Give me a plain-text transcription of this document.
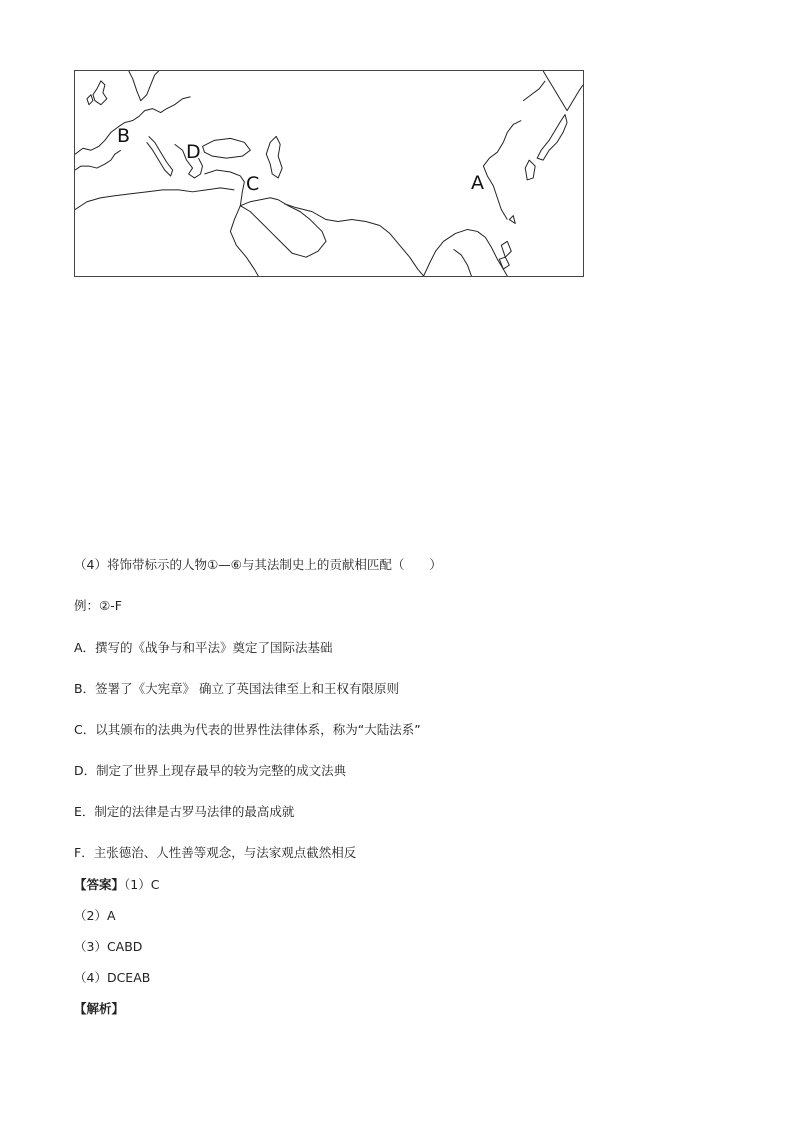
B
D
C	A
（4）将饰带标示的人物①—⑥与其法制史上的贡献相匹配（　　）
例：②-F
A．撰写的《战争与和平法》奠定了国际法基础
B．签署了《大宪章》 确立了英国法律至上和王权有限原则
C．以其颁布的法典为代表的世界性法律体系，称为“大陆法系”
D．制定了世界上现存最早的较为完整的成文法典
E．制定的法律是古罗马法律的最高成就
F．主张德治、人性善等观念，与法家观点截然相反
【答案】（1）C
（2）A
（3）CABD
（4）DCEAB
【解析】
